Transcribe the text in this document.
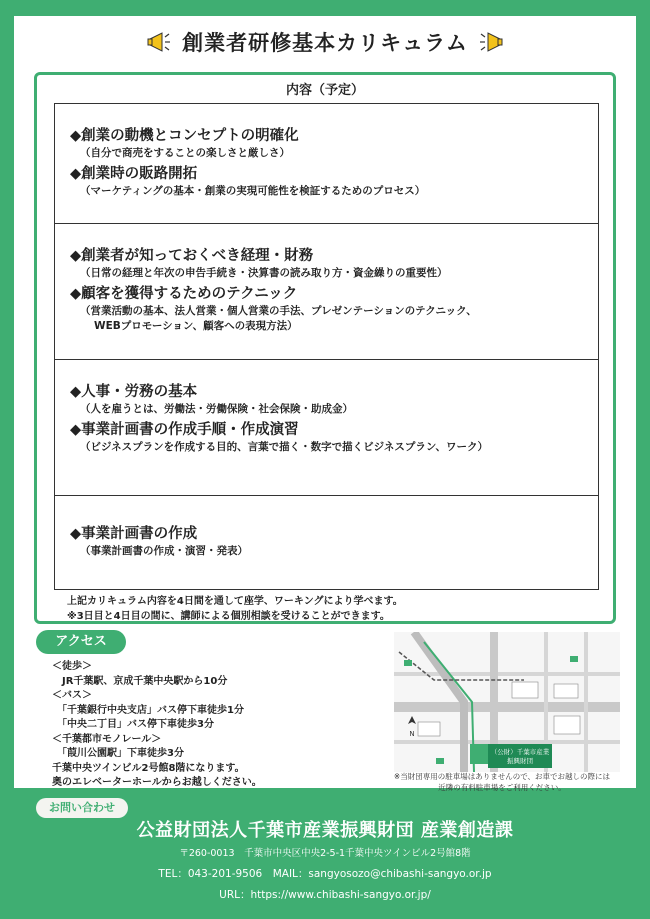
創業者研修基本カリキュラム
内容（予定）
◆創業の動機とコンセプトの明確化
（自分で商売をすることの楽しさと厳しさ）
◆創業時の販路開拓
（マーケティングの基本・創業の実現可能性を検証するためのプロセス）
◆創業者が知っておくべき経理・財務
（日常の経理と年次の申告手続き・決算書の読み取り方・資金繰りの重要性）
◆顧客を獲得するためのテクニック
（営業活動の基本、法人営業・個人営業の手法、プレゼンテーションのテクニック、
WEBプロモーション、顧客への表現方法）
◆人事・労務の基本
（人を雇うとは、労働法・労働保険・社会保険・助成金）
◆事業計画書の作成手順・作成演習
（ビジネスプランを作成する目的、言葉で描く・数字で描くビジネスプラン、ワーク）
◆事業計画書の作成
（事業計画書の作成・演習・発表）
上記カリキュラム内容を4日間を通して座学、ワーキングにより学べます。
※3日目と4日目の間に、講師による個別相談を受けることができます。
アクセス
＜徒歩＞
　JR千葉駅、京成千葉中央駅から10分
＜バス＞
　「千葉銀行中央支店」バス停下車徒歩1分
　「中央二丁目」バス停下車徒歩3分
＜千葉都市モノレール＞
　「葭川公園駅」下車徒歩3分
千葉中央ツインビル2号館8階になります。
奥のエレベーターホールからお越しください。
（公財）千葉市産業
振興財団
N
※当財団専用の駐車場はありませんので、お車でお越しの際には
近隣の有料駐車場をご利用ください。
お問い合わせ
公益財団法人千葉市産業振興財団 産業創造課
〒260-0013　千葉市中央区中央2-5-1千葉中央ツインビル2号館8階
TEL：043-201-9506　MAIL：sangyosozo@chibashi-sangyo.or.jp
URL：https://www.chibashi-sangyo.or.jp/
